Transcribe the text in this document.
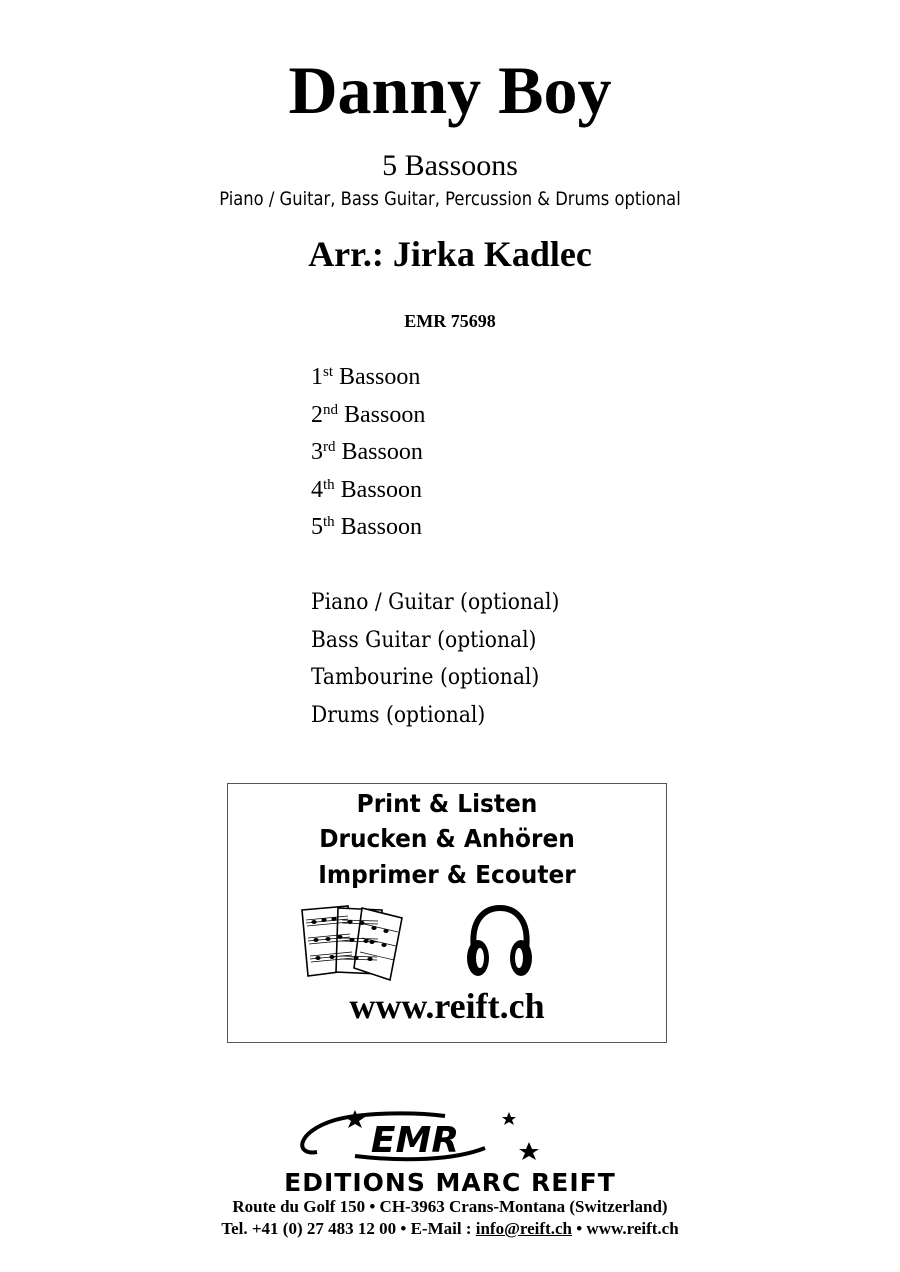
Danny Boy
5 Bassoons
Piano / Guitar, Bass Guitar, Percussion & Drums optional
Arr.: Jirka Kadlec
EMR 75698
1st Bassoon
2nd Bassoon
3rd Bassoon
4th Bassoon
5th Bassoon
Piano / Guitar (optional)
Bass Guitar (optional)
Tambourine (optional)
Drums (optional)
Print & Listen
Drucken & Anhören
Imprimer & Ecouter
www.reift.ch
EMR
EDITIONS MARC REIFT
Route du Golf 150 • CH-3963 Crans-Montana (Switzerland)
Tel. +41 (0) 27 483 12 00 • E-Mail : info@reift.ch • www.reift.ch
